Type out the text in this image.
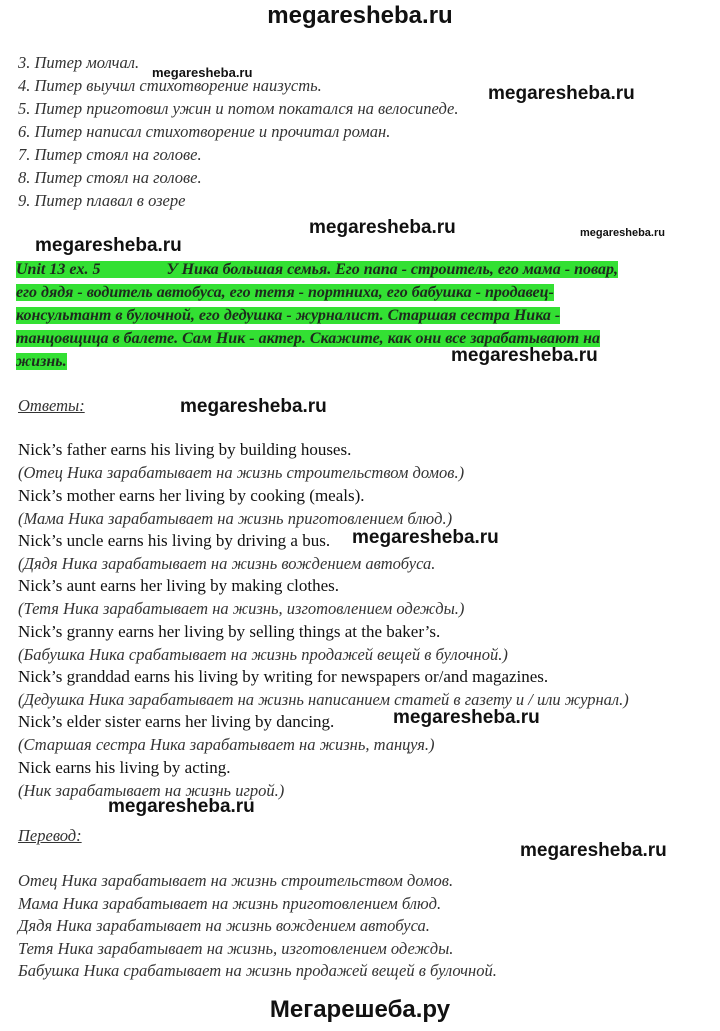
megaresheba.ru
3. Питер молчал.
4. Питер выучил стихотворение наизусть.
5. Питер приготовил ужин и потом покатался на велосипеде.
6. Питер написал стихотворение и прочитал роман.
7. Питер стоял на голове.
8. Питер стоял на голове.
9. Питер плавал в озере
Unit 13 ex. 5	У Ника большая семья. Его папа - строитель, его мама - повар,
его дядя - водитель автобуса, его тетя - портниха, его бабушка - продавец-
консультант в булочной, его дедушка - журналист. Старшая сестра Ника -
танцовщица в балете. Сам Ник - актер. Скажите, как они все зарабатывают на
жизнь.
Ответы:
Nick’s father earns his living by building houses.
(Отец Ника зарабатывает на жизнь строительством домов.)
Nick’s mother earns her living by cooking (meals).
(Мама Ника зарабатывает на жизнь приготовлением блюд.)
Nick’s uncle earns his living by driving a bus.
(Дядя Ника зарабатывает на жизнь вождением автобуса.
Nick’s aunt earns her living by making clothes.
(Тетя Ника зарабатывает на жизнь, изготовлением одежды.)
Nick’s granny earns her living by selling things at the baker’s.
(Бабушка Ника срабатывает на жизнь продажей вещей в булочной.)
Nick’s granddad earns his living by writing for newspapers or/and magazines.
(Дедушка Ника зарабатывает на жизнь написанием статей в газету и / или журнал.)
Nick’s elder sister earns her living by dancing.
(Старшая сестра Ника зарабатывает на жизнь, танцуя.)
Nick earns his living by acting.
(Ник зарабатывает на жизнь игрой.)
Перевод:
Отец Ника зарабатывает на жизнь строительством домов.
Мама Ника зарабатывает на жизнь приготовлением блюд.
Дядя Ника зарабатывает на жизнь вождением автобуса.
Тетя Ника зарабатывает на жизнь, изготовлением одежды.
Бабушка Ника срабатывает на жизнь продажей вещей в булочной.
megaresheba.ru
megaresheba.ru
megaresheba.ru	megaresheba.ru
megaresheba.ru
megaresheba.ru
megaresheba.ru
megaresheba.ru
megaresheba.ru
megaresheba.ru
megaresheba.ru
Мегарешеба.ру
